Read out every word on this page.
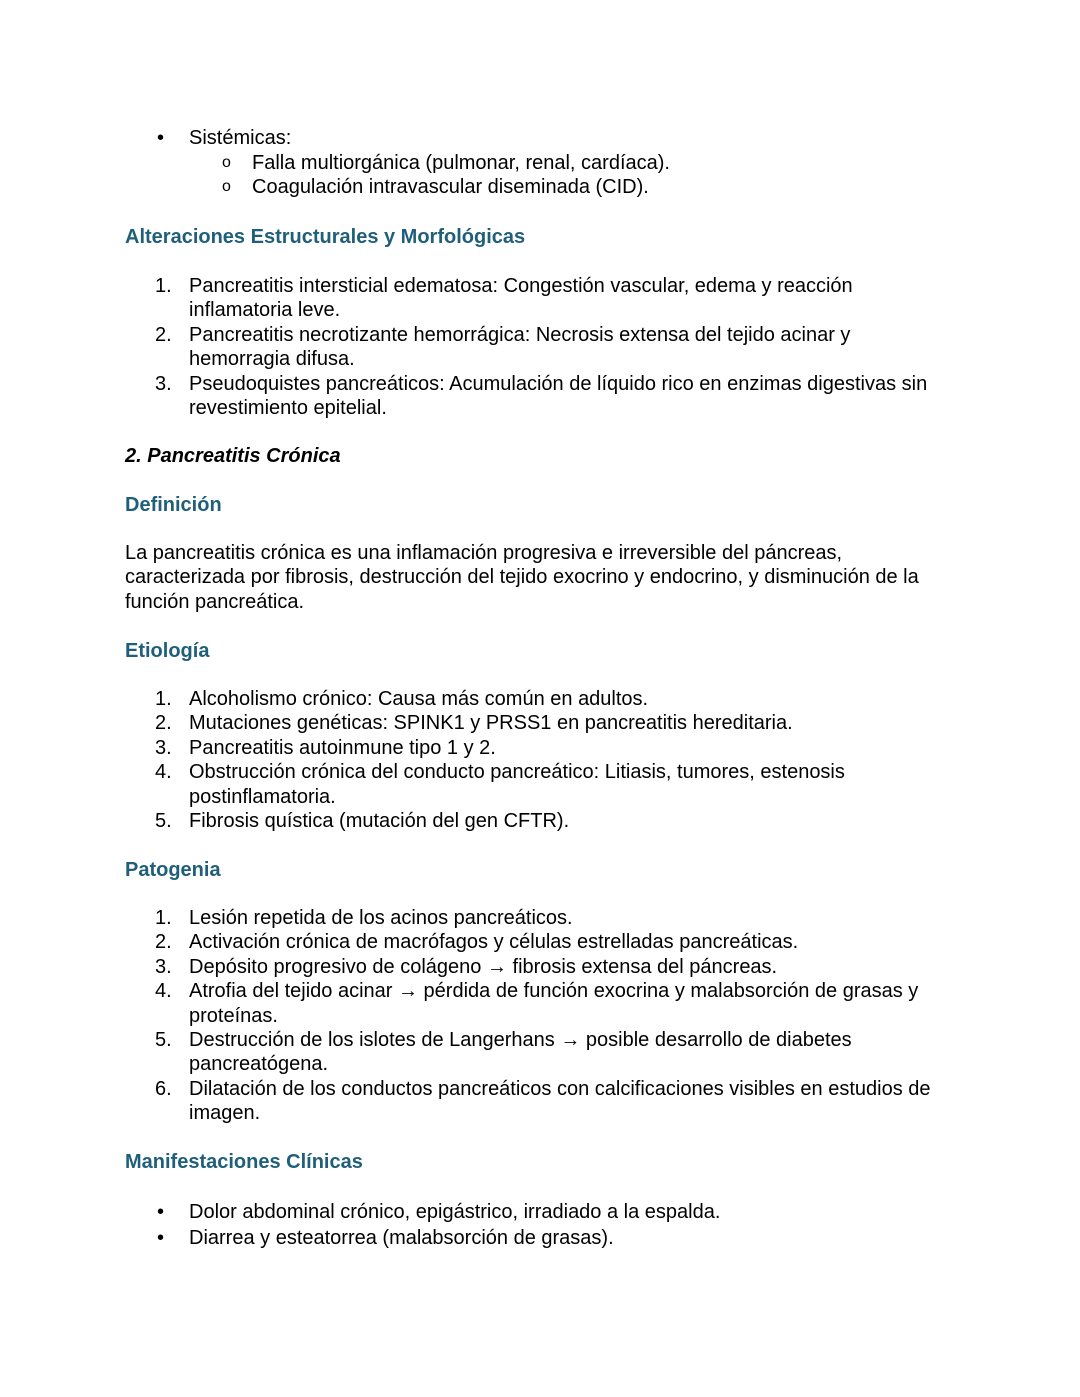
• Sistémicas:
o Falla multiorgánica (pulmonar, renal, cardíaca).
o Coagulación intravascular diseminada (CID).
Alteraciones Estructurales y Morfológicas
1. Pancreatitis intersticial edematosa: Congestión vascular, edema y reacción inflamatoria leve.
2. Pancreatitis necrotizante hemorrágica: Necrosis extensa del tejido acinar y hemorragia difusa.
3. Pseudoquistes pancreáticos: Acumulación de líquido rico en enzimas digestivas sin revestimiento epitelial.
2. Pancreatitis Crónica
Definición

La pancreatitis crónica es una inflamación progresiva e irreversible del páncreas, caracterizada por fibrosis, destrucción del tejido exocrino y endocrino, y disminución de la función pancreática.

Etiología
1. Alcoholismo crónico: Causa más común en adultos.
2. Mutaciones genéticas: SPINK1 y PRSS1 en pancreatitis hereditaria.
3. Pancreatitis autoinmune tipo 1 y 2.
4. Obstrucción crónica del conducto pancreático: Litiasis, tumores, estenosis postinflamatoria.
5. Fibrosis quística (mutación del gen CFTR).
Patogenia
1. Lesión repetida de los acinos pancreáticos.
2. Activación crónica de macrófagos y células estrelladas pancreáticas.
3. Depósito progresivo de colágeno → fibrosis extensa del páncreas.
4. Atrofia del tejido acinar → pérdida de función exocrina y malabsorción de grasas y proteínas.
5. Destrucción de los islotes de Langerhans → posible desarrollo de diabetes pancreatógena.
6. Dilatación de los conductos pancreáticos con calcificaciones visibles en estudios de imagen.
Manifestaciones Clínicas
• Dolor abdominal crónico, epigástrico, irradiado a la espalda.
• Diarrea y esteatorrea (malabsorción de grasas).
